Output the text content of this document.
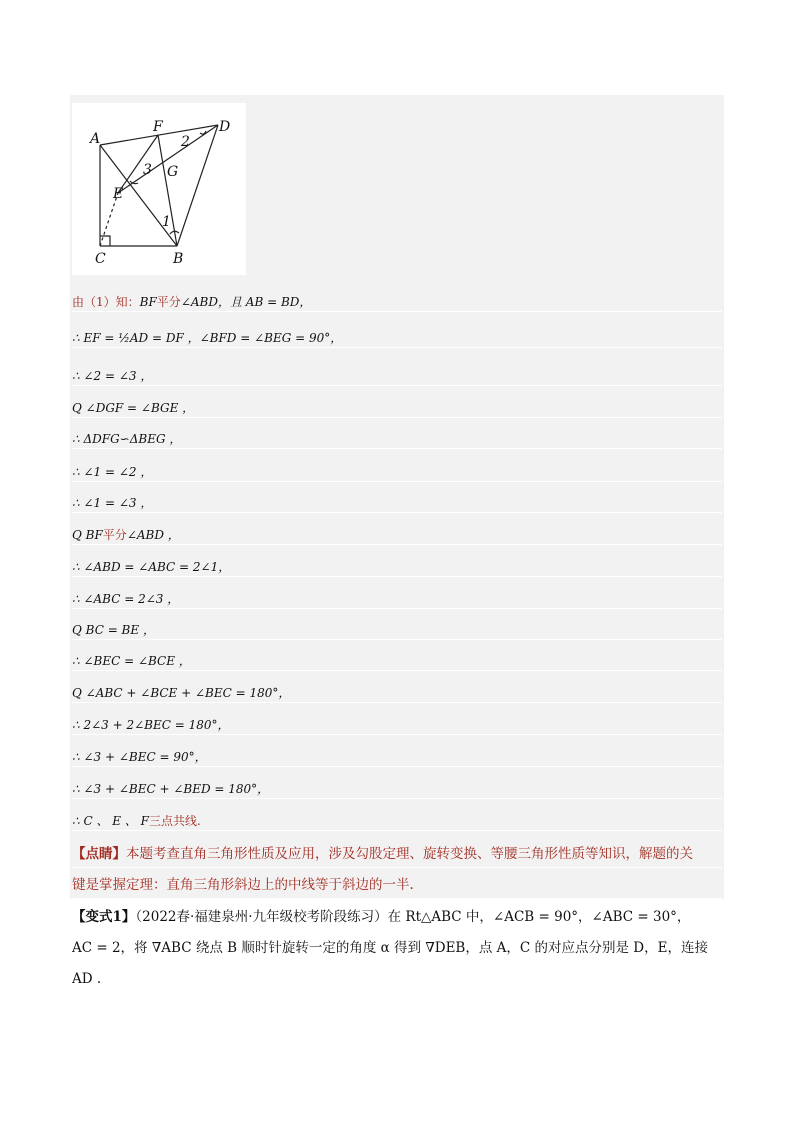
A
F	D
E
G
C	B
1
2
3
由（1）知：BF平分∠ABD，且 AB = BD，
∴ EF = ½AD = DF ，∠BFD = ∠BEG = 90°，
∴ ∠2 = ∠3 ，
Q ∠DGF = ∠BGE ，
∴ ΔDFG∽ΔBEG ，
∴ ∠1 = ∠2 ，
∴ ∠1 = ∠3 ，
Q BF平分∠ABD ，
∴ ∠ABD = ∠ABC = 2∠1，
∴ ∠ABC = 2∠3 ，
Q BC = BE ，
∴ ∠BEC = ∠BCE ，
Q ∠ABC + ∠BCE + ∠BEC = 180°，
∴ 2∠3 + 2∠BEC = 180°，
∴ ∠3 + ∠BEC = 90°，
∴ ∠3 + ∠BEC + ∠BED = 180°，
∴ C 、 E 、 F三点共线.
【点睛】本题考查直角三角形性质及应用，涉及勾股定理、旋转变换、等腰三角形性质等知识，解题的关
键是掌握定理：直角三角形斜边上的中线等于斜边的一半.
【变式1】（2022春·福建泉州·九年级校考阶段练习）在 Rt△ABC 中，∠ACB = 90°，∠ABC = 30°，
AC = 2，将 ∇ABC 绕点 B 顺时针旋转一定的角度 α 得到 ∇DEB，点 A，C 的对应点分别是 D，E，连接
AD .
